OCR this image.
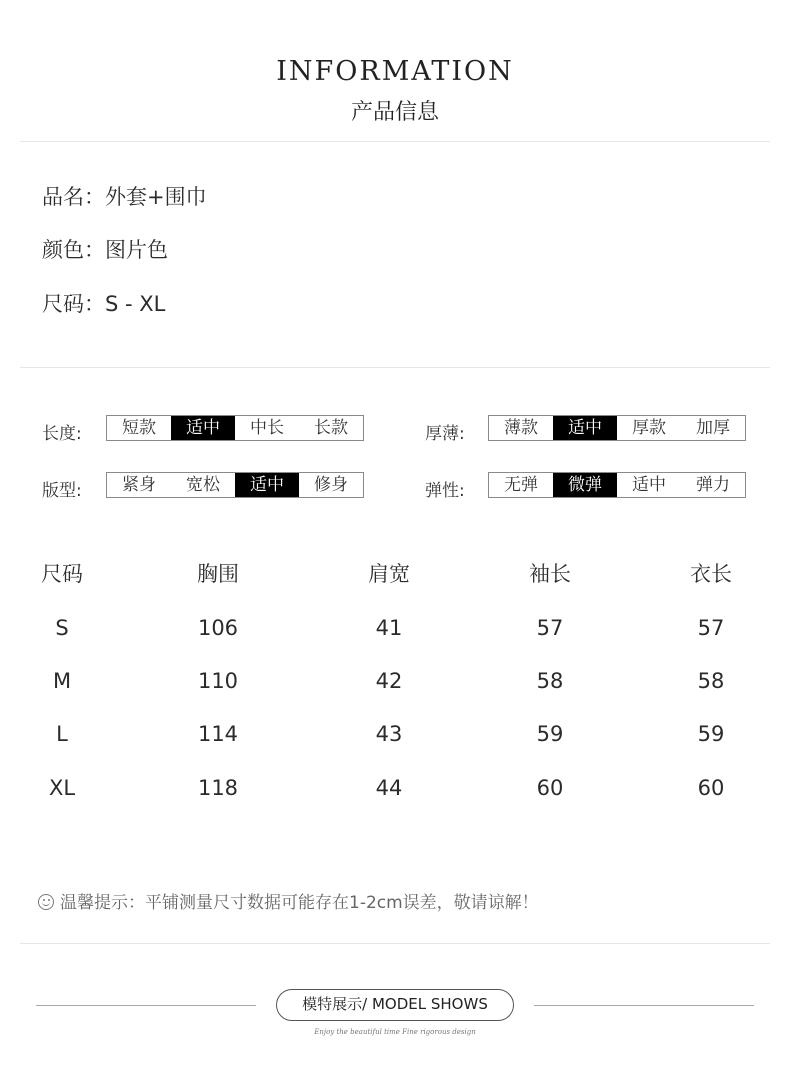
INFORMATION
产品信息
品名：外套+围巾
颜色：图片色
尺码：S - XL
长度:	短款	适中	中长	长款	厚薄:	薄款	适中	厚款	加厚
版型:	紧身	宽松	适中	修身	弹性:	无弹	微弹	适中	弹力
尺码	胸围	肩宽	袖长	衣长
S	106	41	57	57
M	110	42	58	58
L	114	43	59	59
XL	118	44	60	60
温馨提示：平铺测量尺寸数据可能存在1-2cm误差，敬请谅解！
模特展示/ MODEL SHOWS
Enjoy the beautiful time Fine rigorous design
